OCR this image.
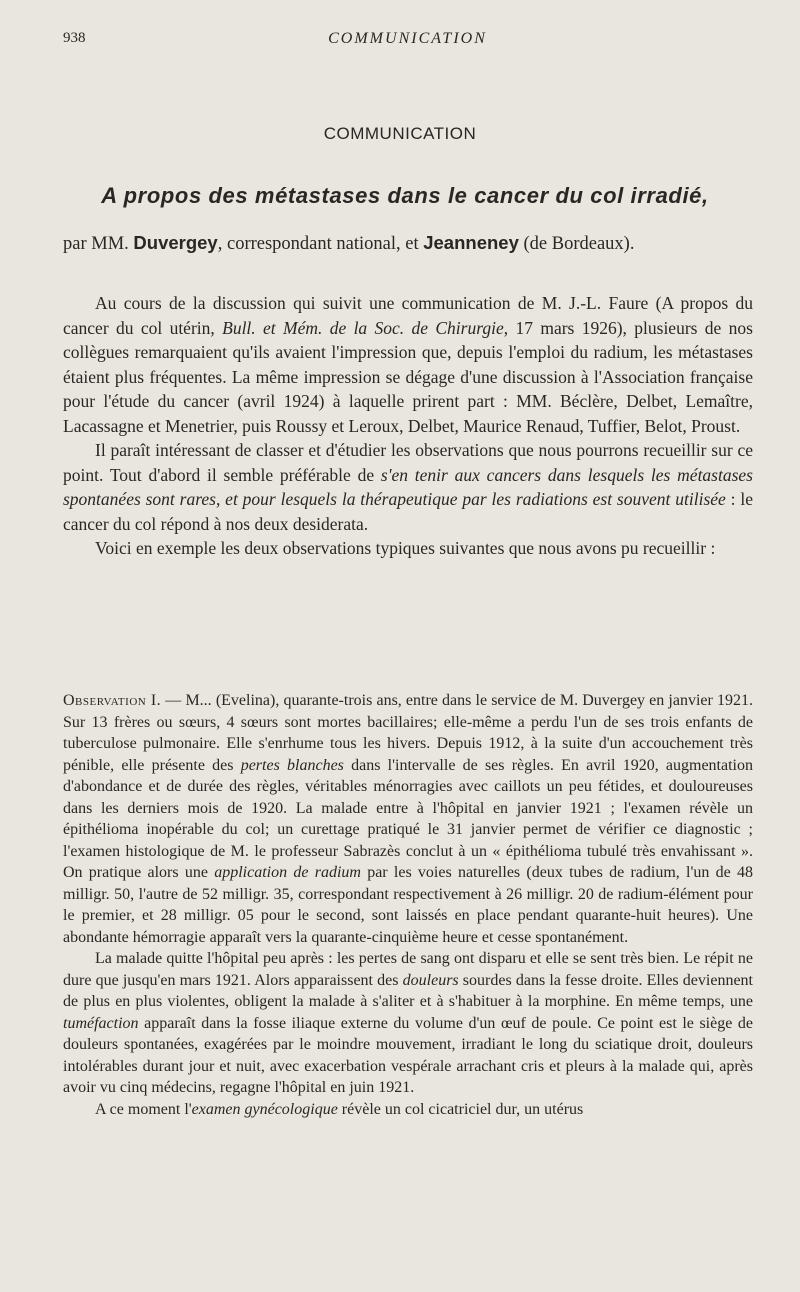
938	COMMUNICATION
COMMUNICATION
A propos des métastases dans le cancer du col irradié,
par MM. Duvergey, correspondant national, et Jeanneney (de Bordeaux).

Au cours de la discussion qui suivit une communication de M. J.-L. Faure (A propos du cancer du col utérin, Bull. et Mém. de la Soc. de Chirurgie, 17 mars 1926), plusieurs de nos collègues remarquaient qu'ils avaient l'impression que, depuis l'emploi du radium, les métastases étaient plus fréquentes. La même impression se dégage d'une discussion à l'Association française pour l'étude du cancer (avril 1924) à laquelle prirent part : MM. Béclère, Delbet, Lemaître, Lacassagne et Menetrier, puis Roussy et Leroux, Delbet, Maurice Renaud, Tuffier, Belot, Proust.

Il paraît intéressant de classer et d'étudier les observations que nous pourrons recueillir sur ce point. Tout d'abord il semble préférable de s'en tenir aux cancers dans lesquels les métastases spontanées sont rares, et pour lesquels la thérapeutique par les radiations est souvent utilisée : le cancer du col répond à nos deux desiderata.

Voici en exemple les deux observations typiques suivantes que nous avons pu recueillir :

Observation I. — M... (Evelina), quarante-trois ans, entre dans le service de M. Duvergey en janvier 1921. Sur 13 frères ou sœurs, 4 sœurs sont mortes bacillaires; elle-même a perdu l'un de ses trois enfants de tuberculose pulmonaire. Elle s'enrhume tous les hivers. Depuis 1912, à la suite d'un accouchement très pénible, elle présente des pertes blanches dans l'intervalle de ses règles. En avril 1920, augmentation d'abondance et de durée des règles, véritables ménorragies avec caillots un peu fétides, et douloureuses dans les derniers mois de 1920. La malade entre à l'hôpital en janvier 1921 ; l'examen révèle un épithélioma inopérable du col; un curettage pratiqué le 31 janvier permet de vérifier ce diagnostic ; l'examen histologique de M. le professeur Sabrazès conclut à un « épithélioma tubulé très envahissant ». On pratique alors une application de radium par les voies naturelles (deux tubes de radium, l'un de 48 milligr. 50, l'autre de 52 milligr. 35, correspondant respectivement à 26 milligr. 20 de radium-élément pour le premier, et 28 milligr. 05 pour le second, sont laissés en place pendant quarante-huit heures). Une abondante hémorragie apparaît vers la quarante-cinquième heure et cesse spontanément.

La malade quitte l'hôpital peu après : les pertes de sang ont disparu et elle se sent très bien. Le répit ne dure que jusqu'en mars 1921. Alors apparaissent des douleurs sourdes dans la fesse droite. Elles deviennent de plus en plus violentes, obligent la malade à s'aliter et à s'habituer à la morphine. En même temps, une tuméfaction apparaît dans la fosse iliaque externe du volume d'un œuf de poule. Ce point est le siège de douleurs spontanées, exagérées par le moindre mouvement, irradiant le long du sciatique droit, douleurs intolérables durant jour et nuit, avec exacerbation vespérale arrachant cris et pleurs à la malade qui, après avoir vu cinq médecins, regagne l'hôpital en juin 1921.

A ce moment l'examen gynécologique révèle un col cicatriciel dur, un utérus
